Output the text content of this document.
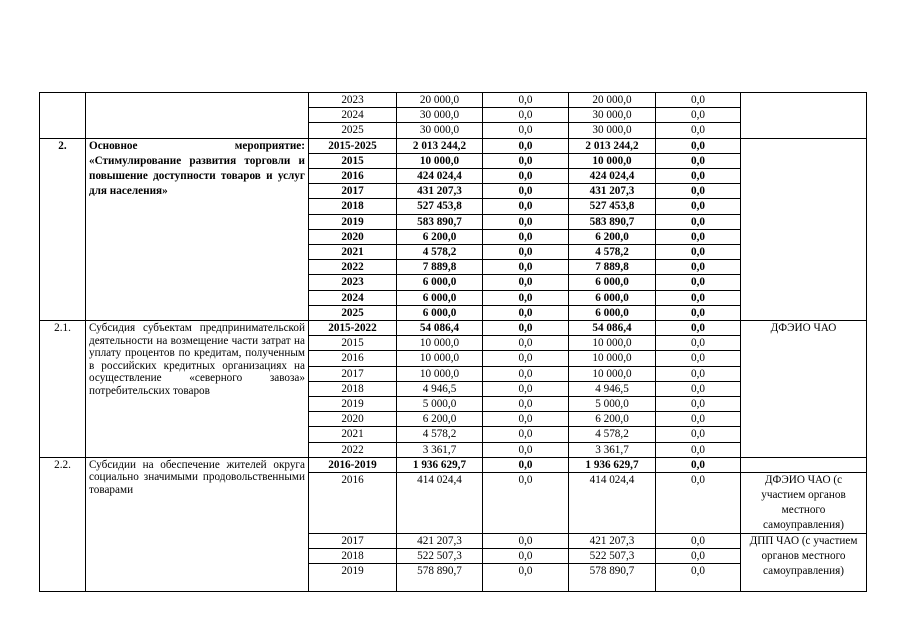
		2023	20 000,0	0,0	20 000,0	0,0	
		2024	30 000,0	0,0	30 000,0	0,0	
		2025	30 000,0	0,0	30 000,0	0,0	
2.	Основное мероприятие: «Стимулирование развития торговли и повышение доступности товаров и услуг для населения»	2015-2025	2 013 244,2	0,0	2 013 244,2	0,0	
		2015	10 000,0	0,0	10 000,0	0,0	
		2016	424 024,4	0,0	424 024,4	0,0	
		2017	431 207,3	0,0	431 207,3	0,0	
		2018	527 453,8	0,0	527 453,8	0,0	
		2019	583 890,7	0,0	583 890,7	0,0	
		2020	6 200,0	0,0	6 200,0	0,0	
		2021	4 578,2	0,0	4 578,2	0,0	
		2022	7 889,8	0,0	7 889,8	0,0	
		2023	6 000,0	0,0	6 000,0	0,0	
		2024	6 000,0	0,0	6 000,0	0,0	
		2025	6 000,0	0,0	6 000,0	0,0	
2.1.	Субсидия субъектам предпринимательской деятельности на возмещение части затрат на уплату процентов по кредитам, полученным в российских кредитных организациях на осуществление «северного завоза» потребительских товаров	2015-2022	54 086,4	0,0	54 086,4	0,0	ДФЭИО ЧАО
		2015	10 000,0	0,0	10 000,0	0,0	
		2016	10 000,0	0,0	10 000,0	0,0	
		2017	10 000,0	0,0	10 000,0	0,0	
		2018	4 946,5	0,0	4 946,5	0,0	
		2019	5 000,0	0,0	5 000,0	0,0	
		2020	6 200,0	0,0	6 200,0	0,0	
		2021	4 578,2	0,0	4 578,2	0,0	
		2022	3 361,7	0,0	3 361,7	0,0	
2.2.	Субсидии на обеспечение жителей округа социально значимыми продовольственными товарами	2016-2019	1 936 629,7	0,0	1 936 629,7	0,0	
		2016	414 024,4	0,0	414 024,4	0,0	ДФЭИО ЧАО (с участием органов местного самоуправления)
		2017	421 207,3	0,0	421 207,3	0,0	ДПП ЧАО (с участием органов местного самоуправления)
		2018	522 507,3	0,0	522 507,3	0,0	
		2019	578 890,7	0,0	578 890,7	0,0	
